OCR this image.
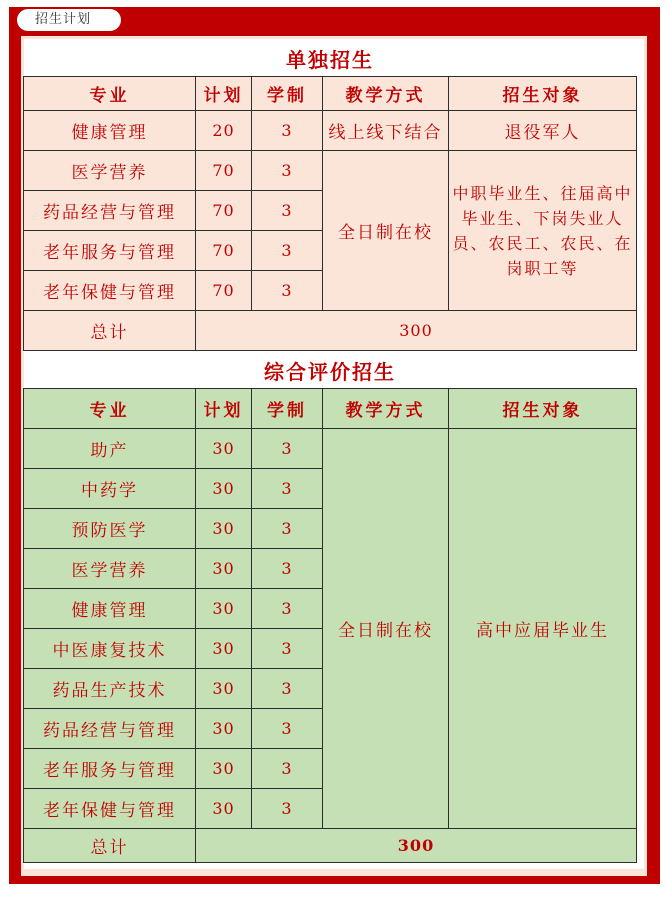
招生计划
单独招生
专业	计划	学制	教学方式	招生对象
健康管理	20	3	线上线下结合	退役军人
医学营养	70	3	全日制在校	中职毕业生、往届高中毕业生、下岗失业人员、农民工、农民、在岗职工等
药品经营与管理	70	3		
老年服务与管理	70	3		
老年保健与管理	70	3		
总计	300			
综合评价招生
专业	计划	学制	教学方式	招生对象
助产	30	3	全日制在校	高中应届毕业生
中药学	30	3		
预防医学	30	3		
医学营养	30	3		
健康管理	30	3		
中医康复技术	30	3		
药品生产技术	30	3		
药品经营与管理	30	3		
老年服务与管理	30	3		
老年保健与管理	30	3		
总计	300			
